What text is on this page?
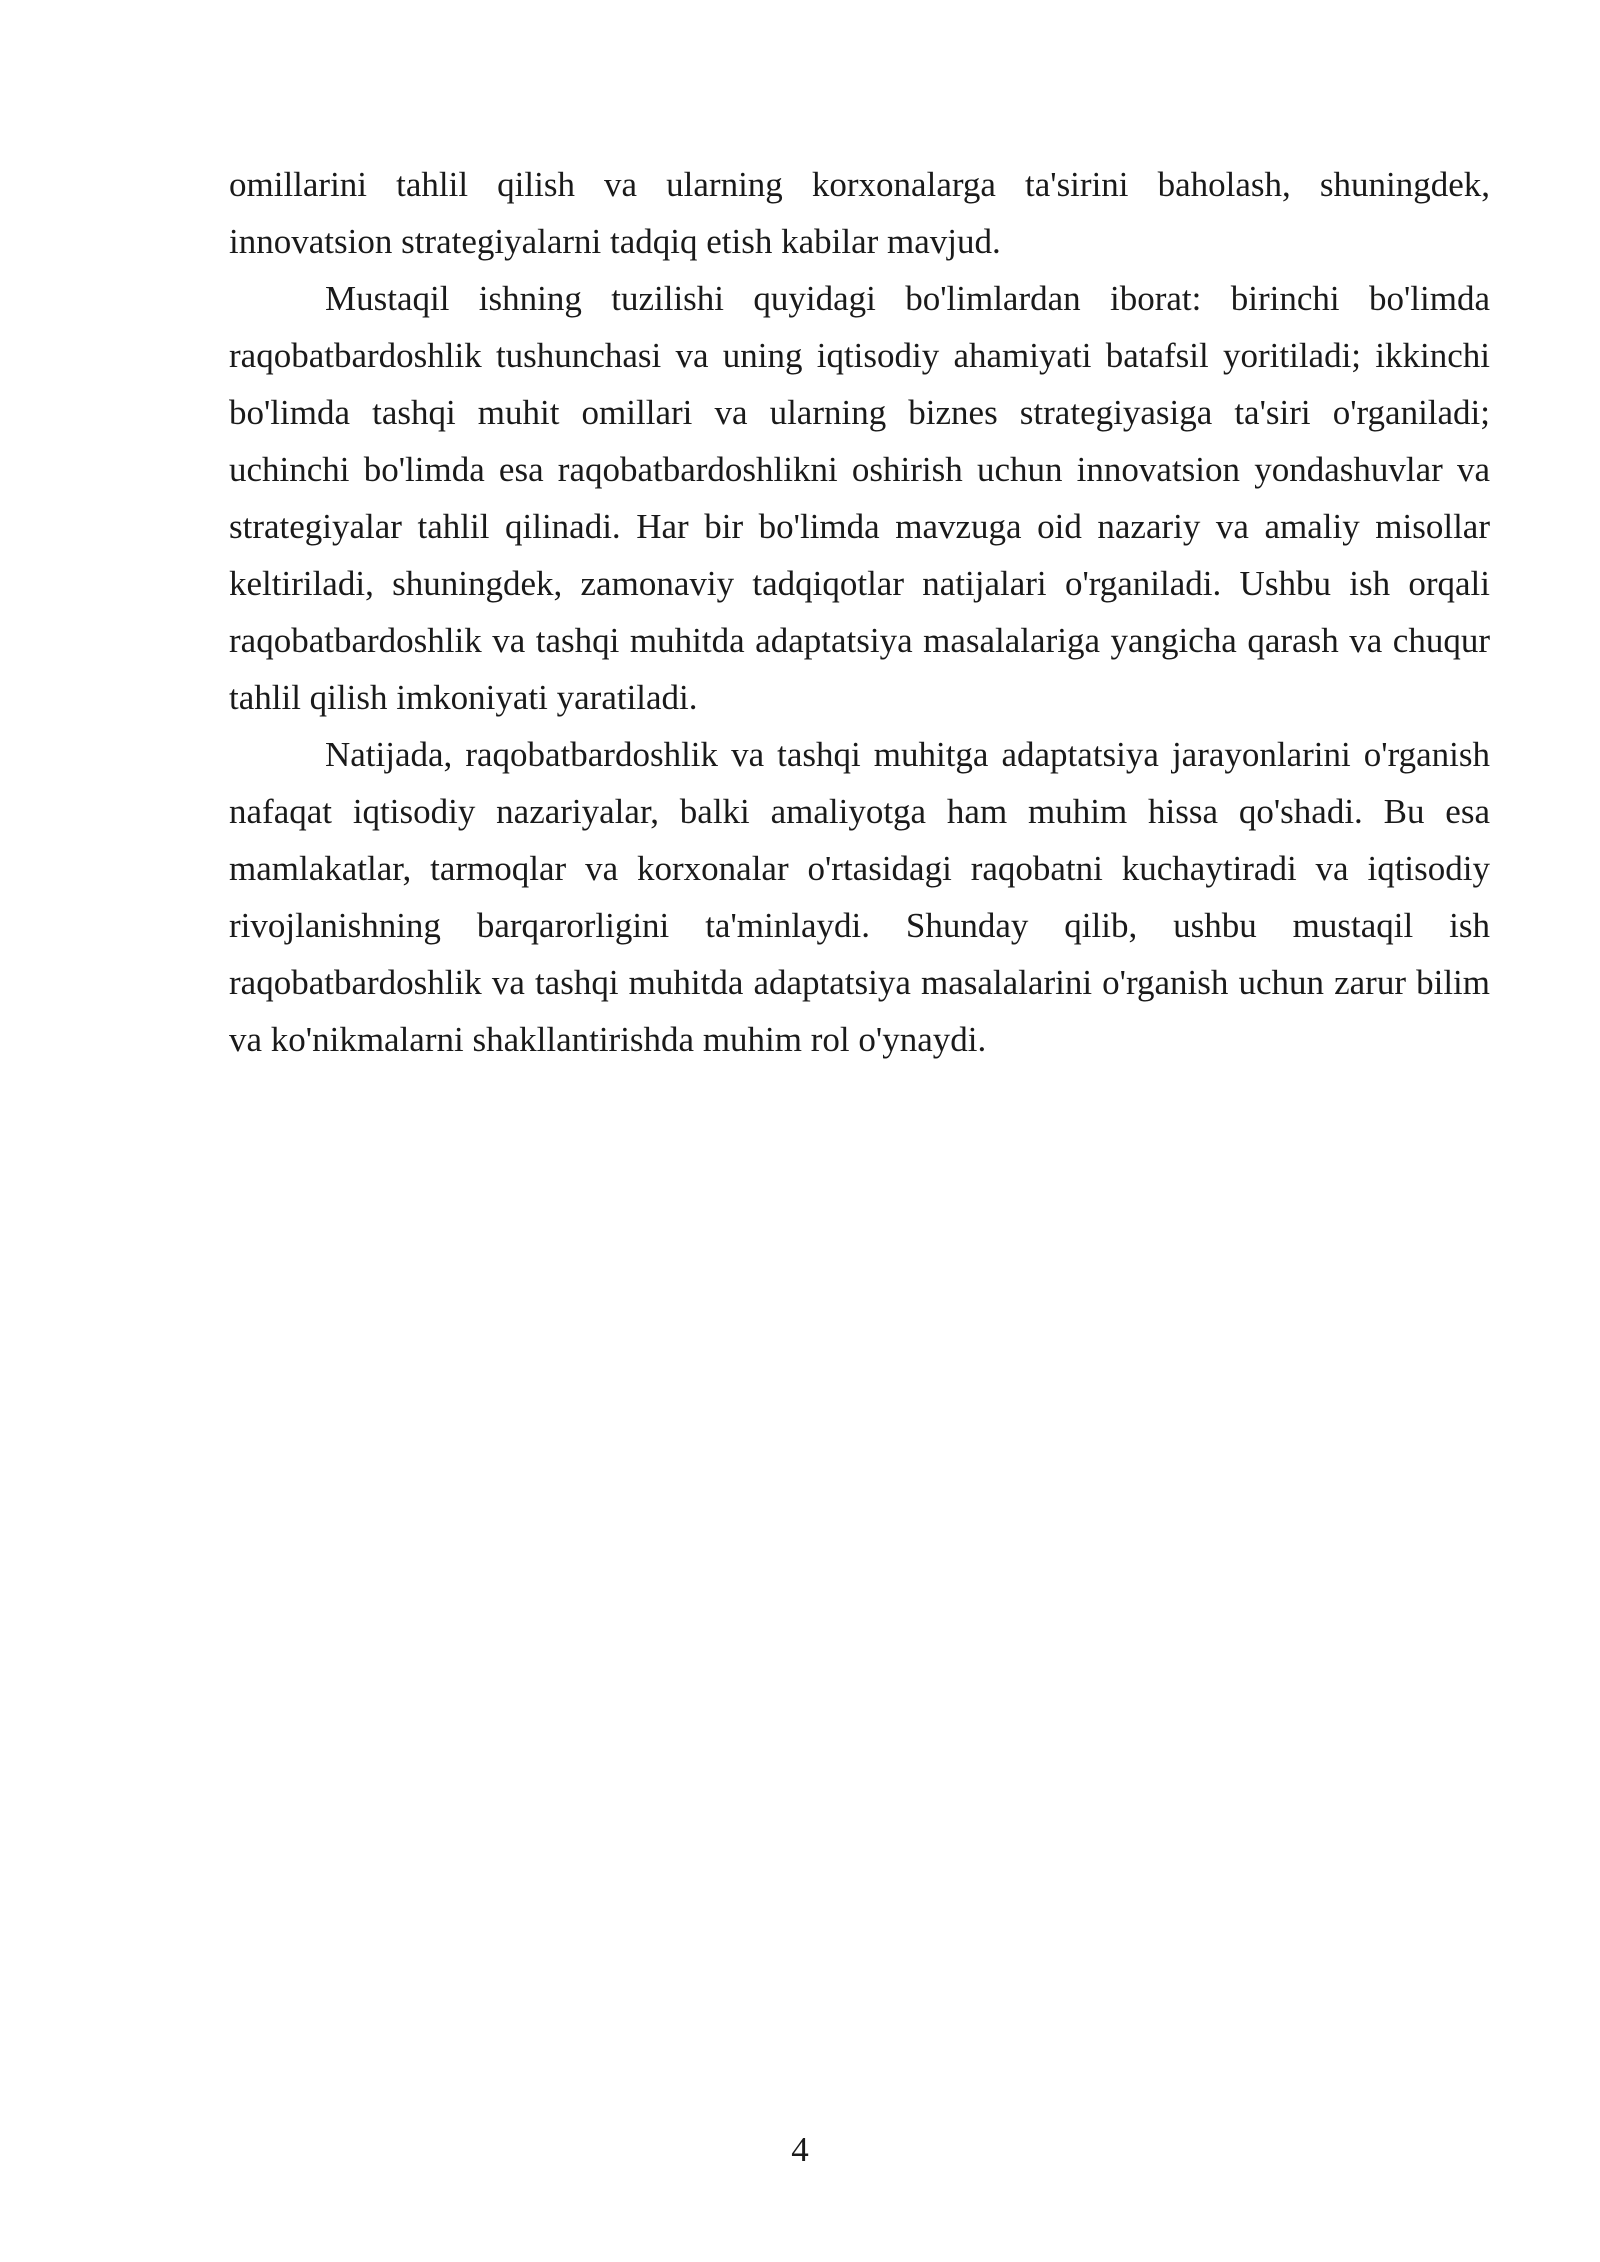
omillarini tahlil qilish va ularning korxonalarga ta'sirini baholash, shuningdek, innovatsion strategiyalarni tadqiq etish kabilar mavjud.

Mustaqil ishning tuzilishi quyidagi bo'limlardan iborat: birinchi bo'limda raqobatbardoshlik tushunchasi va uning iqtisodiy ahamiyati batafsil yoritiladi; ikkinchi bo'limda tashqi muhit omillari va ularning biznes strategiyasiga ta'siri o'rganiladi; uchinchi bo'limda esa raqobatbardoshlikni oshirish uchun innovatsion yondashuvlar va strategiyalar tahlil qilinadi. Har bir bo'limda mavzuga oid nazariy va amaliy misollar keltiriladi, shuningdek, zamonaviy tadqiqotlar natijalari o'rganiladi. Ushbu ish orqali raqobatbardoshlik va tashqi muhitda adaptatsiya masalalariga yangicha qarash va chuqur tahlil qilish imkoniyati yaratiladi.

Natijada, raqobatbardoshlik va tashqi muhitga adaptatsiya jarayonlarini o'rganish nafaqat iqtisodiy nazariyalar, balki amaliyotga ham muhim hissa qo'shadi. Bu esa mamlakatlar, tarmoqlar va korxonalar o'rtasidagi raqobatni kuchaytiradi va iqtisodiy rivojlanishning barqarorligini ta'minlaydi. Shunday qilib, ushbu mustaqil ish raqobatbardoshlik va tashqi muhitda adaptatsiya masalalarini o'rganish uchun zarur bilim va ko'nikmalarni shakllantirishda muhim rol o'ynaydi.

4
